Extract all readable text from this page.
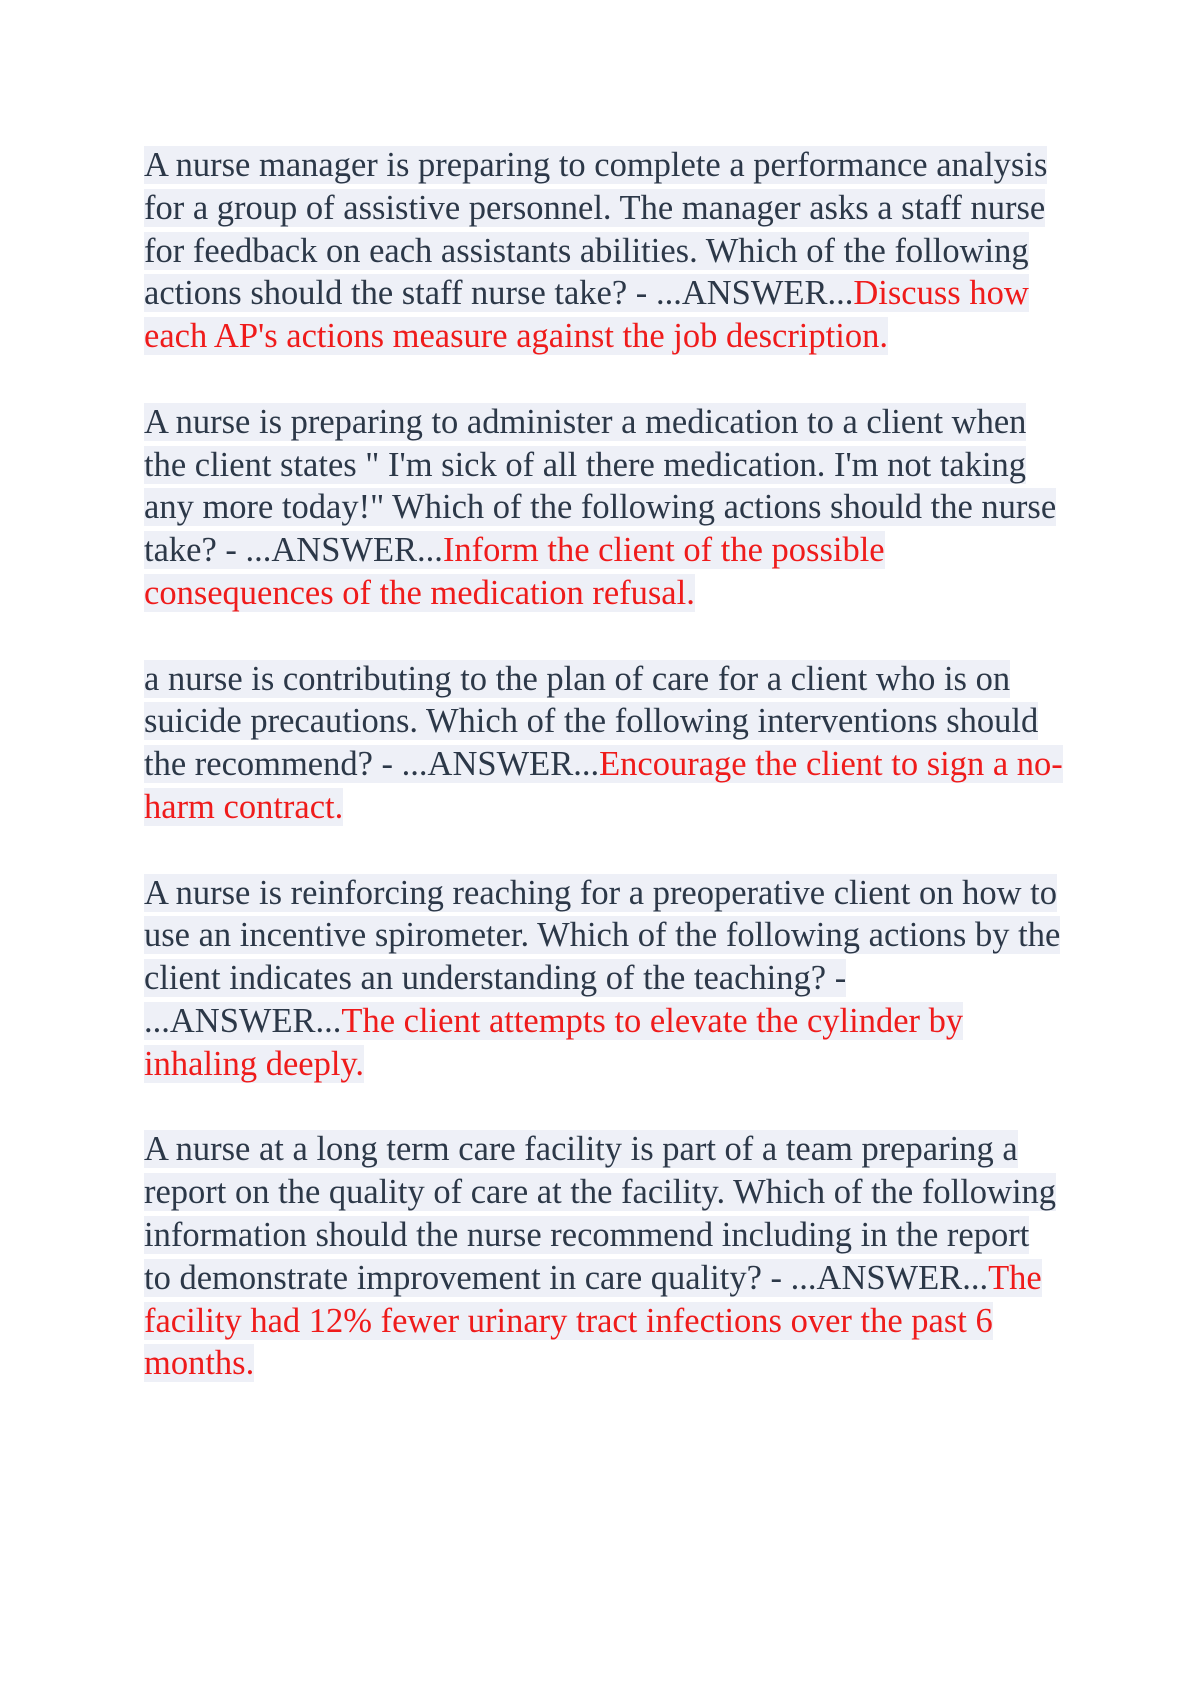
A nurse manager is preparing to complete a performance analysis for a group of assistive personnel. The manager asks a staff nurse for feedback on each assistants abilities. Which of the following actions should the staff nurse take? - ...ANSWER...Discuss how each AP's actions measure against the job description.

A nurse is preparing to administer a medication to a client when the client states " I'm sick of all there medication. I'm not taking any more today!" Which of the following actions should the nurse take? - ...ANSWER...Inform the client of the possible consequences of the medication refusal.

a nurse is contributing to the plan of care for a client who is on suicide precautions. Which of the following interventions should the recommend? - ...ANSWER...Encourage the client to sign a no-harm contract.

A nurse is reinforcing reaching for a preoperative client on how to use an incentive spirometer. Which of the following actions by the client indicates an understanding of the teaching? - ...ANSWER...The client attempts to elevate the cylinder by inhaling deeply.

A nurse at a long term care facility is part of a team preparing a report on the quality of care at the facility. Which of the following information should the nurse recommend including in the report to demonstrate improvement in care quality? - ...ANSWER...The facility had 12% fewer urinary tract infections over the past 6 months.
